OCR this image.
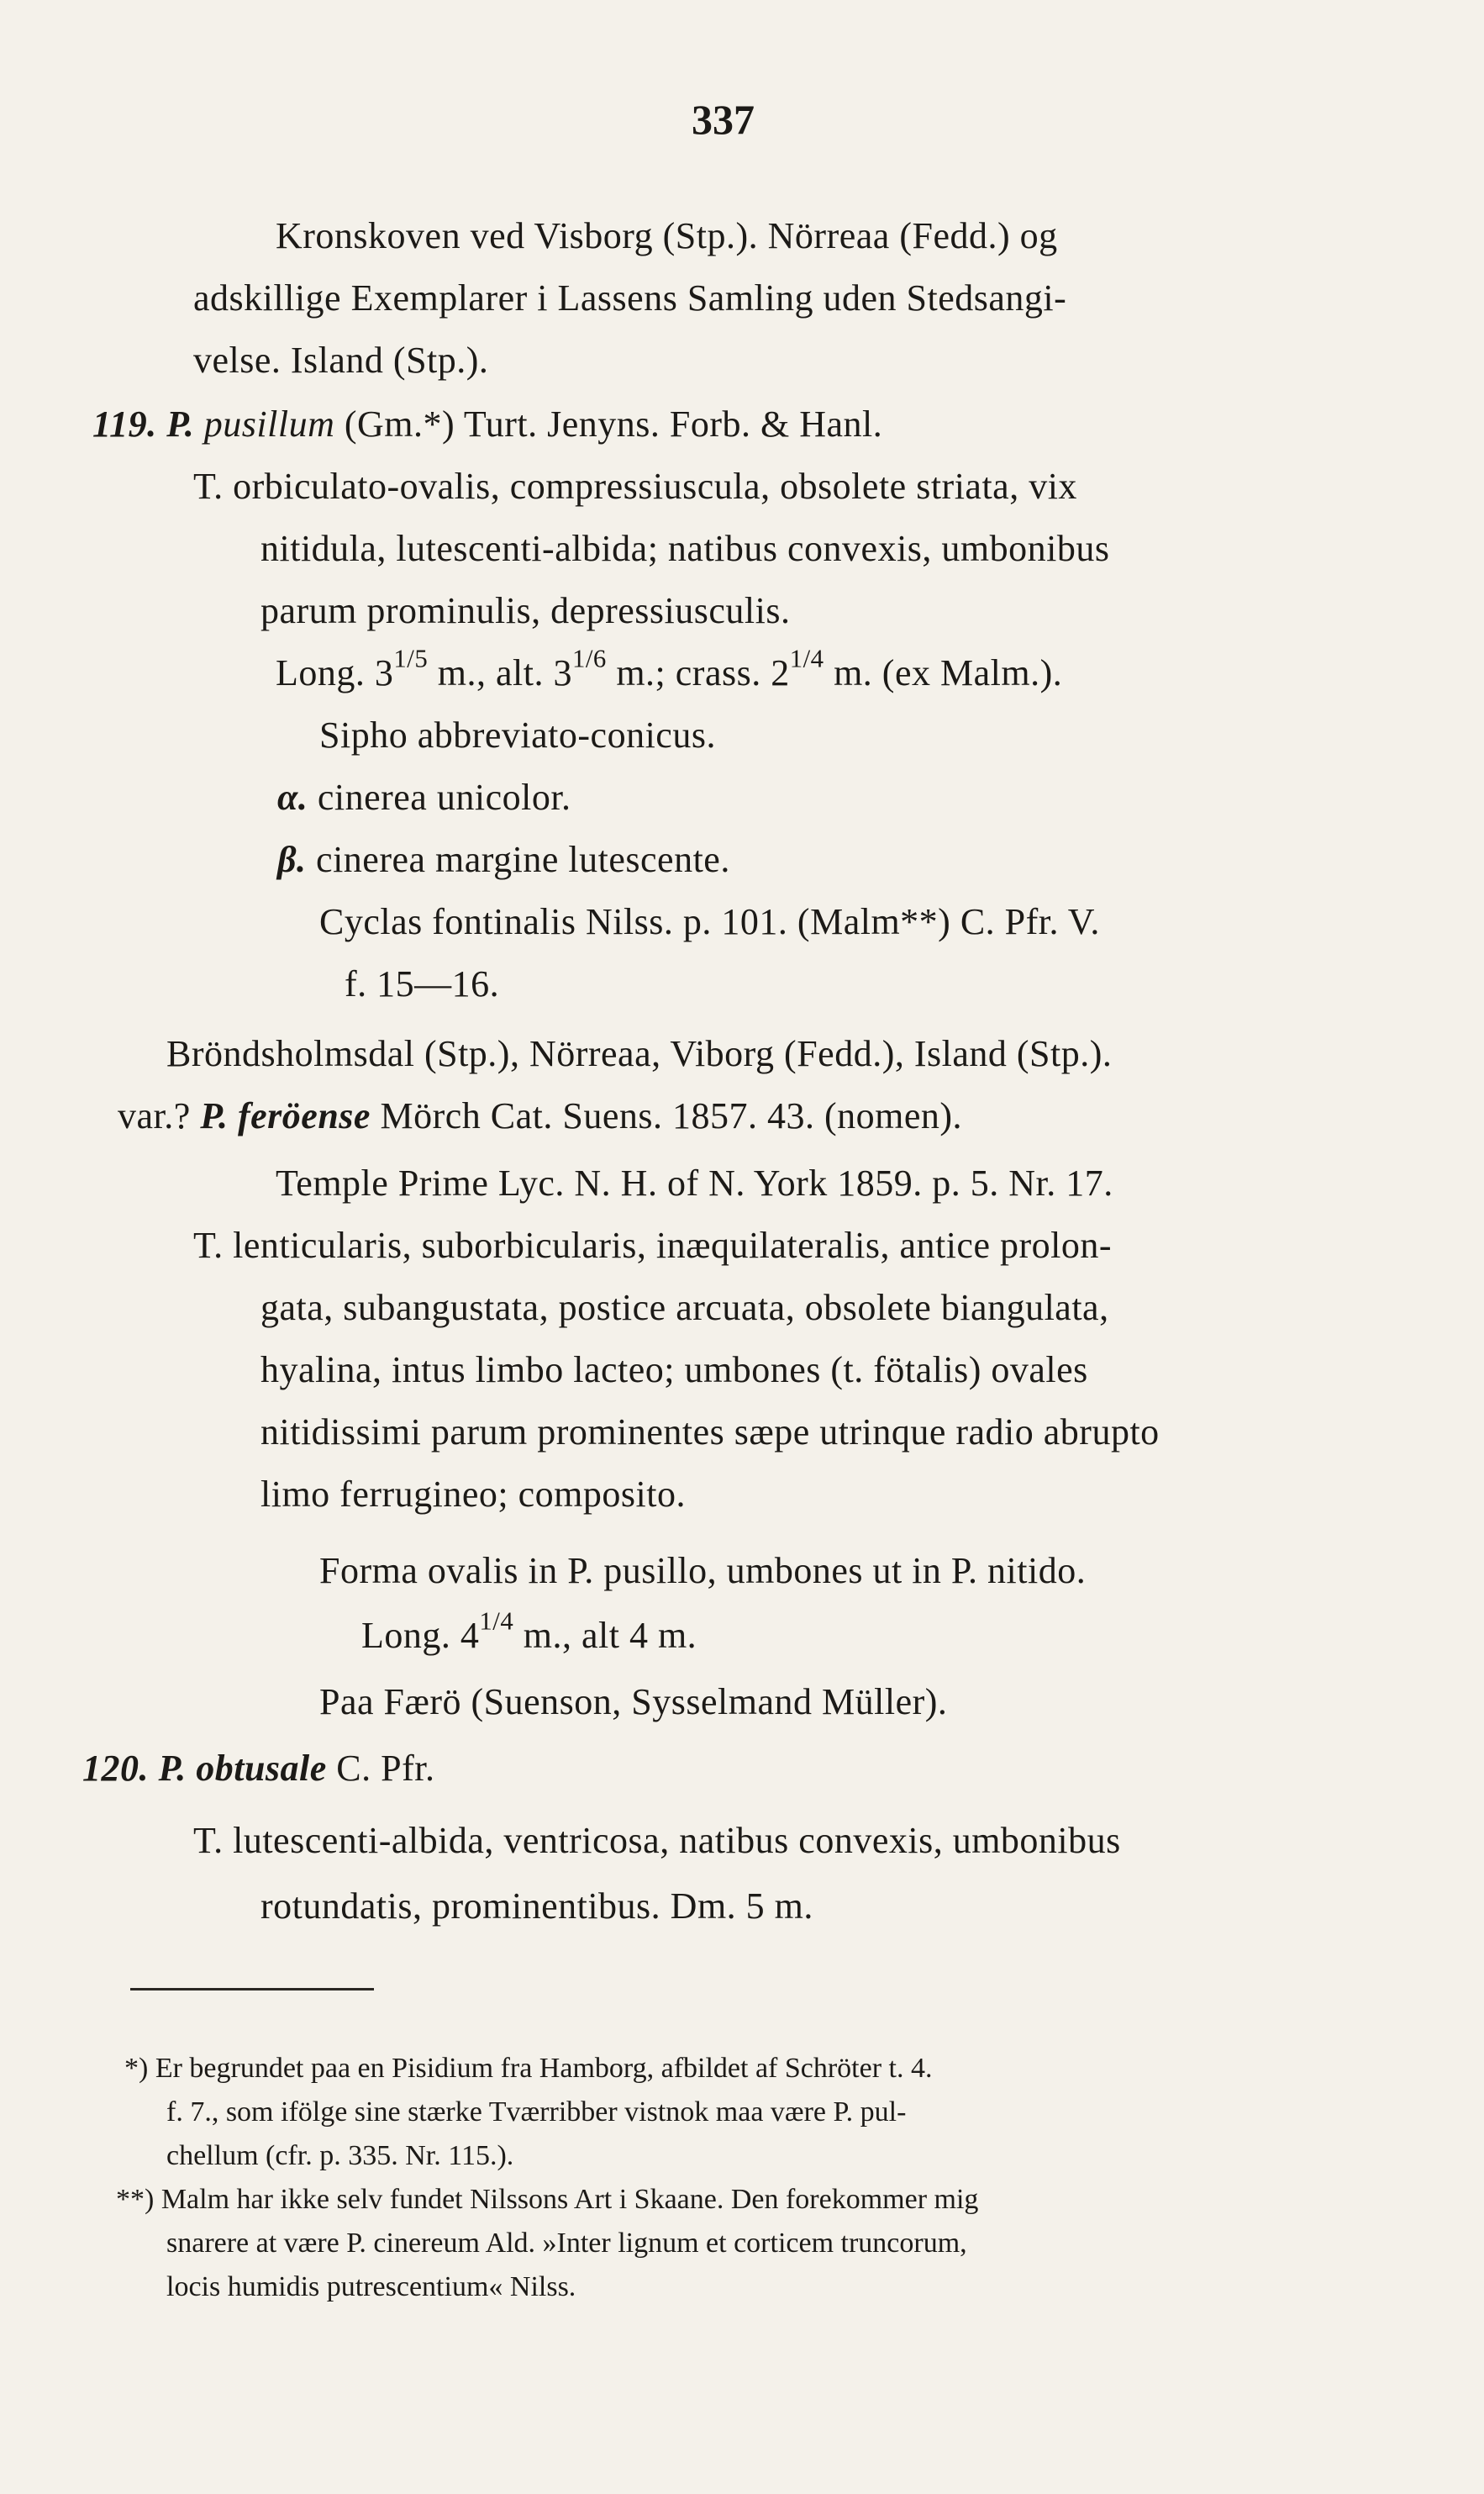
337
Kronskoven ved Visborg (Stp.). Nörreaa (Fedd.) og
adskillige Exemplarer i Lassens Samling uden Stedsangi-
velse. Island (Stp.).
119. P. pusillum (Gm.*) Turt. Jenyns. Forb. & Hanl.
T. orbiculato-ovalis, compressiuscula, obsolete striata, vix
nitidula, lutescenti-albida; natibus convexis, umbonibus
parum prominulis, depressiusculis.
Long. $3^{1/5}$ m., alt. $3^{1/6}$ m.; crass. $2^{1/4}$ m. (ex Malm.).
Sipho abbreviato-conicus.
α. cinerea unicolor.
β. cinerea margine lutescente.
Cyclas fontinalis Nilss. p. 101. (Malm**) C. Pfr. V.
f. 15—16.
Bröndsholmsdal (Stp.), Nörreaa, Viborg (Fedd.), Island (Stp.).
var.? P. feröense Mörch Cat. Suens. 1857. 43. (nomen).
Temple Prime Lyc. N. H. of N. York 1859. p. 5. Nr. 17.
T. lenticularis, suborbicularis, inæquilateralis, antice prolon-
gata, subangustata, postice arcuata, obsolete biangulata,
hyalina, intus limbo lacteo; umbones (t. fötalis) ovales
nitidissimi parum prominentes sæpe utrinque radio abrupto
limo ferrugineo; composito.
Forma ovalis in P. pusillo, umbones ut in P. nitido.
Long. $4^{1/4}$ m., alt 4 m.
Paa Færö (Suenson, Sysselmand Müller).
120. P. obtusale C. Pfr.
T. lutescenti-albida, ventricosa, natibus convexis, umbonibus
rotundatis, prominentibus. Dm. 5 m.
*) Er begrundet paa en Pisidium fra Hamborg, afbildet af Schröter t. 4.
f. 7., som ifölge sine stærke Tværribber vistnok maa være P. pul-
chellum (cfr. p. 335. Nr. 115.).
**) Malm har ikke selv fundet Nilssons Art i Skaane. Den forekommer mig
snarere at være P. cinereum Ald. »Inter lignum et corticem truncorum,
locis humidis putrescentium« Nilss.
